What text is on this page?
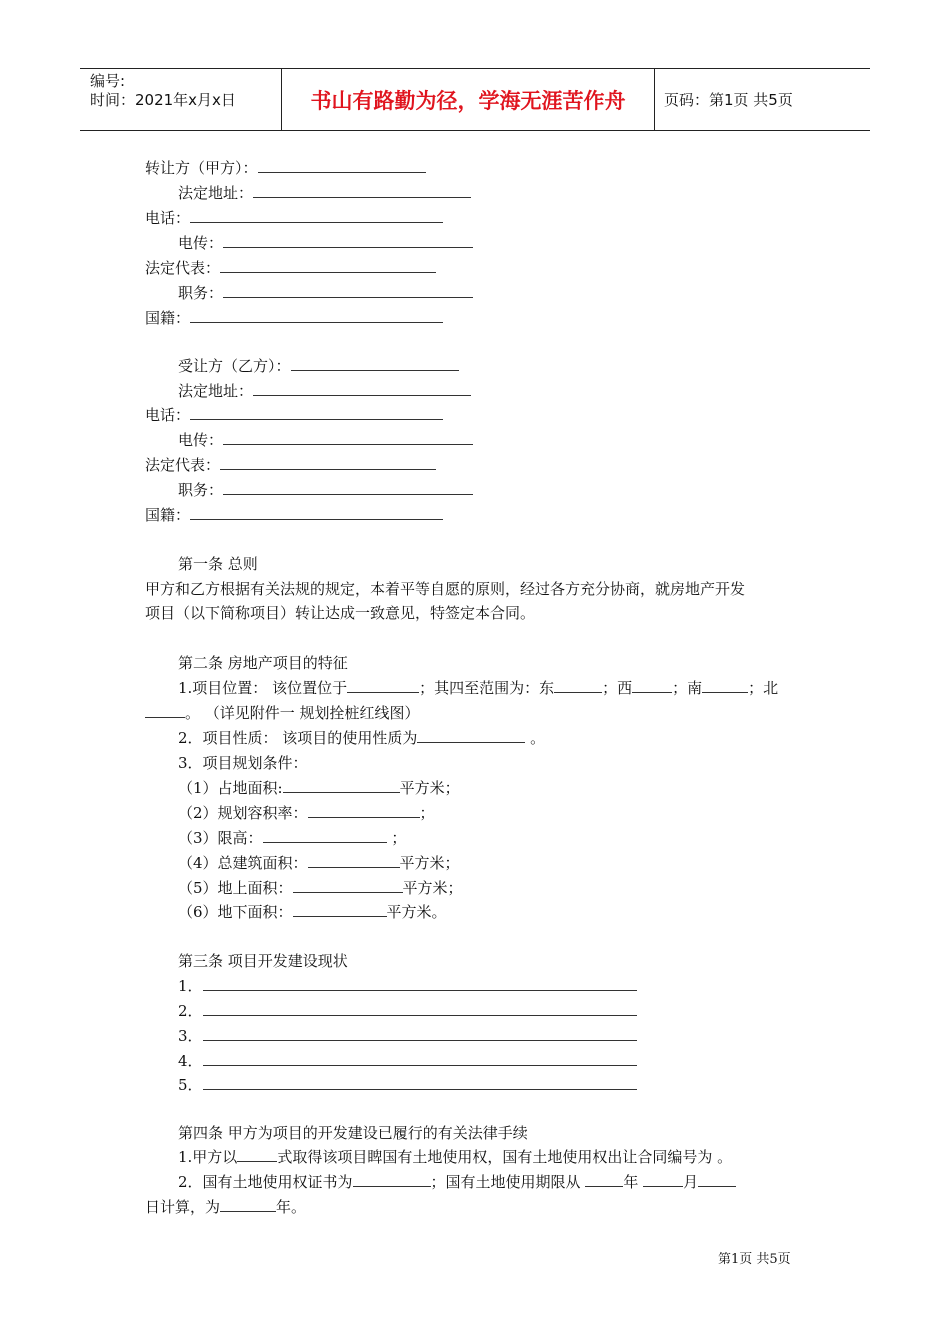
编号:
时间：2021年x月x日	书山有路勤为径，学海无涯苦作舟	页码：第1页 共5页
转让方（甲方）：
法定地址：
电话：
电传：
法定代表：
职务：
国籍：
受让方（乙方）：
法定地址：
电话：
电传：
法定代表：
职务：
国籍：
第一条 总则
甲方和乙方根据有关法规的规定，本着平等自愿的原则，经过各方充分协商，就房地产开发
项目（以下简称项目）转让达成一致意见，特签定本合同。
第二条 房地产项目的特征
1.项目位置： 该位置位于	；其四至范围为：东	；西	；南	；北
。 （详见附件一 规划拴桩红线图）
2．项目性质： 该项目的使用性质为	。
3．项目规划条件：
（1）占地面积:	平方米；
（2）规划容积率：	；
（3）限高：	；
（4）总建筑面积：	平方米；
（5）地上面积：	平方米；
（6）地下面积：	平方米。
第三条 项目开发建设现状
1．
2．
3．
4．
5．
第四条 甲方为项目的开发建设已履行的有关法律手续
1.甲方以	式取得该项目睥国有土地使用权，国有土地使用权出让合同编号为 。
2．国有土地使用权证书为	；国有土地使用期限从	年	月
日计算，为	年。
第1页 共5页
